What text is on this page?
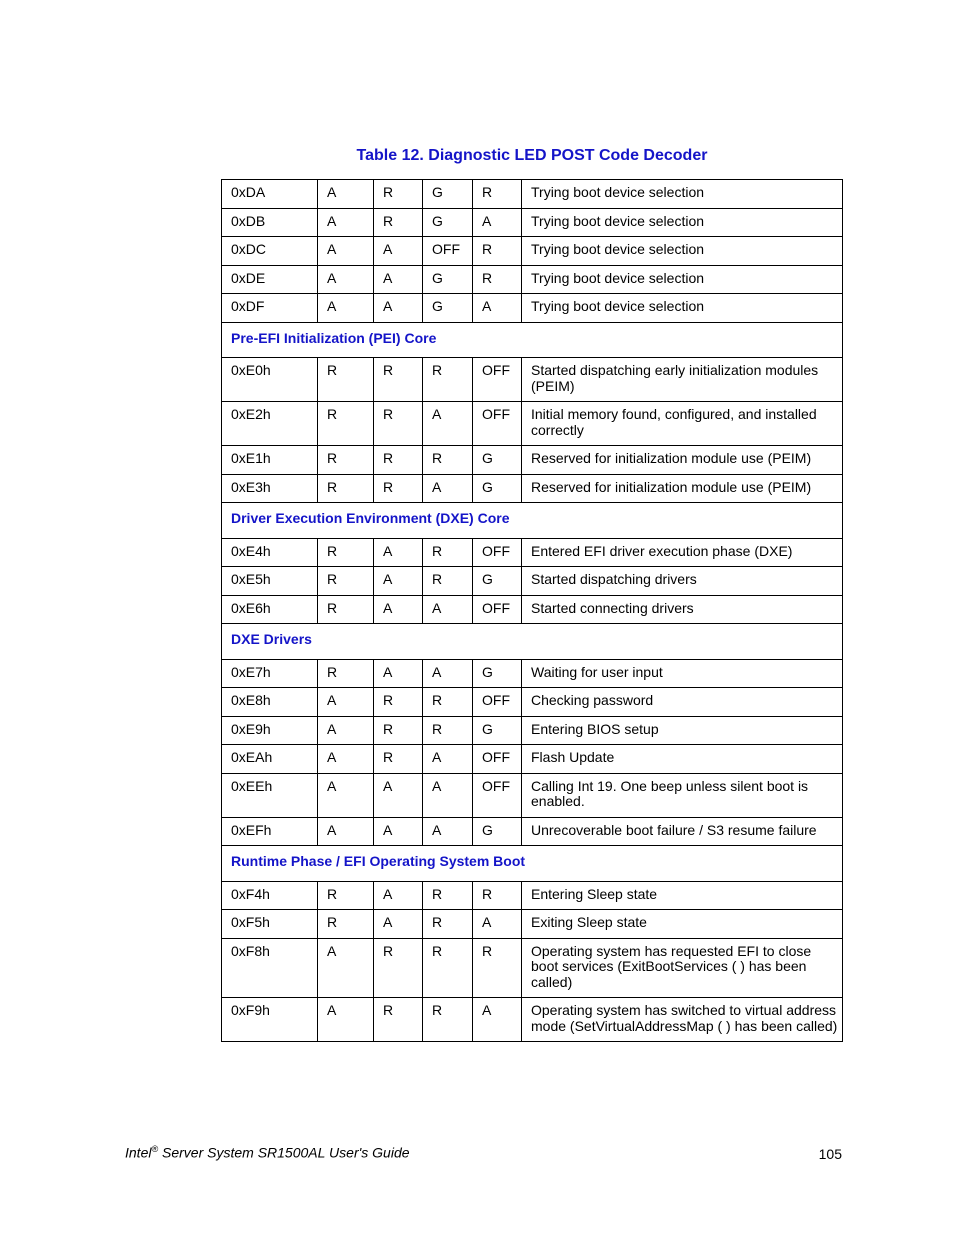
Table 12. Diagnostic LED POST Code Decoder
0xDA	A	R	G	R	Trying boot device selection
0xDB	A	R	G	A	Trying boot device selection
0xDC	A	A	OFF	R	Trying boot device selection
0xDE	A	A	G	R	Trying boot device selection
0xDF	A	A	G	A	Trying boot device selection
Pre-EFI Initialization (PEI) Core					
0xE0h	R	R	R	OFF	Started dispatching early initialization modules (PEIM)
0xE2h	R	R	A	OFF	Initial memory found, configured, and installed correctly
0xE1h	R	R	R	G	Reserved for initialization module use (PEIM)
0xE3h	R	R	A	G	Reserved for initialization module use (PEIM)
Driver Execution Environment (DXE) Core					
0xE4h	R	A	R	OFF	Entered EFI driver execution phase (DXE)
0xE5h	R	A	R	G	Started dispatching drivers
0xE6h	R	A	A	OFF	Started connecting drivers
DXE Drivers					
0xE7h	R	A	A	G	Waiting for user input
0xE8h	A	R	R	OFF	Checking password
0xE9h	A	R	R	G	Entering BIOS setup
0xEAh	A	R	A	OFF	Flash Update
0xEEh	A	A	A	OFF	Calling Int 19. One beep unless silent boot is enabled.
0xEFh	A	A	A	G	Unrecoverable boot failure / S3 resume failure
Runtime Phase / EFI Operating System Boot					
0xF4h	R	A	R	R	Entering Sleep state
0xF5h	R	A	R	A	Exiting Sleep state
0xF8h	A	R	R	R	Operating system has requested EFI to close boot services (ExitBootServices ( ) has been called)
0xF9h	A	R	R	A	Operating system has switched to virtual address mode (SetVirtualAddressMap ( ) has been called)
Intel® Server System SR1500AL User's Guide	105
